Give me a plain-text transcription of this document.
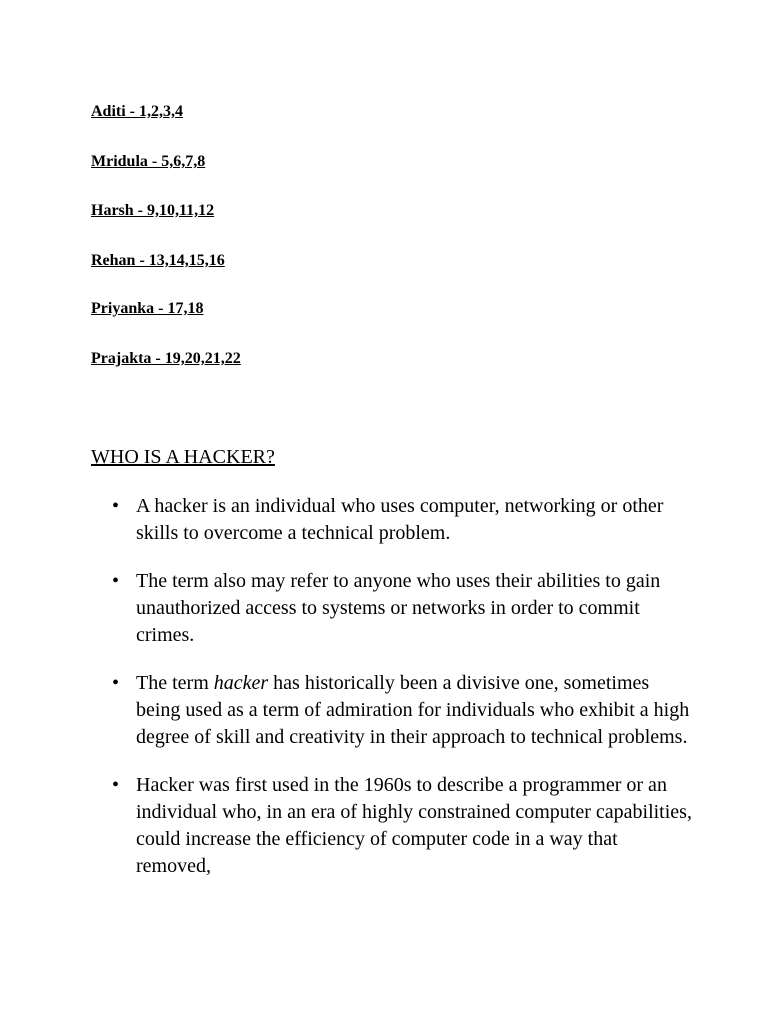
Aditi - 1,2,3,4

Mridula - 5,6,7,8

Harsh - 9,10,11,12

Rehan - 13,14,15,16

Priyanka - 17,18

Prajakta - 19,20,21,22

WHO IS A HACKER?
• A hacker is an individual who uses computer, networking or other skills to overcome a technical problem.
• The term also may refer to anyone who uses their abilities to gain unauthorized access to systems or networks in order to commit crimes.
• The term hacker has historically been a divisive one, sometimes being used as a term of admiration for individuals who exhibit a high degree of skill and creativity in their approach to technical problems.
• Hacker was first used in the 1960s to describe a programmer or an individual who, in an era of highly constrained computer capabilities, could increase the efficiency of computer code in a way that removed,
